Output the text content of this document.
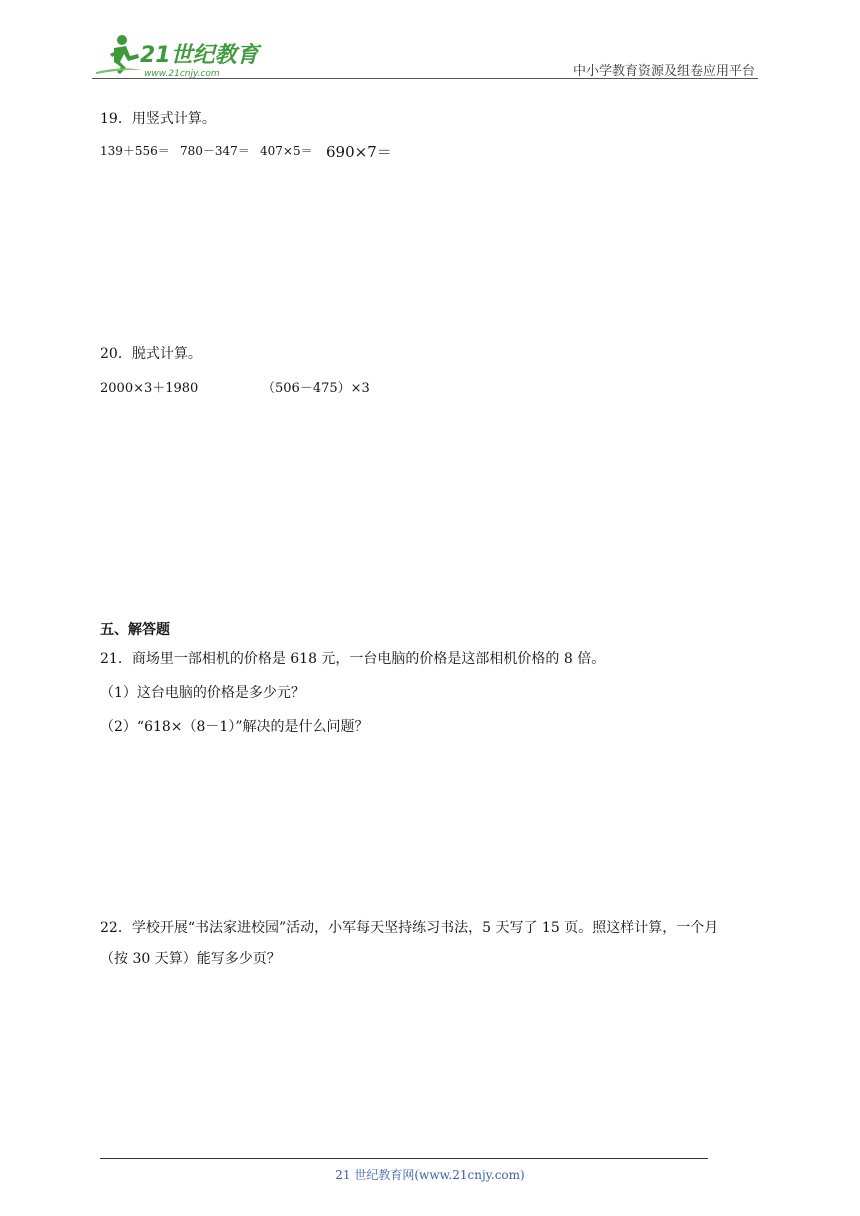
21世纪教育
www.21cnjy.com	中小学教育资源及组卷应用平台
19．用竖式计算。
139＋556＝ 780－347＝ 407×5＝ 690×7＝
20．脱式计算。
2000×3＋1980	（506－475）×3
五、解答题
21．商场里一部相机的价格是 618 元，一台电脑的价格是这部相机价格的 8 倍。
（1）这台电脑的价格是多少元？
（2）“618×（8－1）”解决的是什么问题？
22．学校开展“书法家进校园”活动，小军每天坚持练习书法，5 天写了 15 页。照这样计算，一个月
（按 30 天算）能写多少页？
21 世纪教育网(www.21cnjy.com)
